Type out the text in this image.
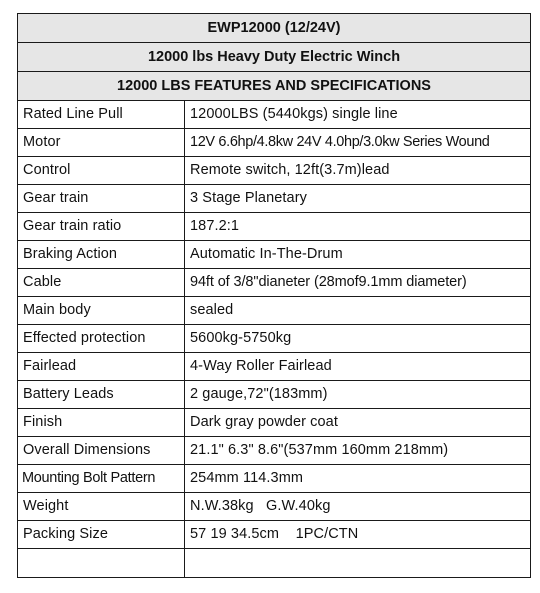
EWP12000 (12/24V)	
12000 lbs Heavy Duty Electric Winch	
12000 LBS FEATURES AND SPECIFICATIONS	
Rated Line Pull	12000LBS (5440kgs) single line
Motor	12V 6.6hp/4.8kw 24V 4.0hp/3.0kw Series Wound
Control	Remote switch, 12ft(3.7m)lead
Gear train	3 Stage Planetary
Gear train ratio	187.2:1
Braking Action	Automatic In-The-Drum
Cable	94ft of 3/8"dianeter (28mof9.1mm diameter)
Main body	sealed
Effected protection	5600kg-5750kg
Fairlead	4-Way Roller Fairlead
Battery Leads	2 gauge,72"(183mm)
Finish	Dark gray powder coat
Overall Dimensions	21.1" 6.3" 8.6"(537mm 160mm 218mm)
Mounting Bolt Pattern	254mm 114.3mm
Weight	N.W.38kg   G.W.40kg
Packing Size	57 19 34.5cm    1PC/CTN
